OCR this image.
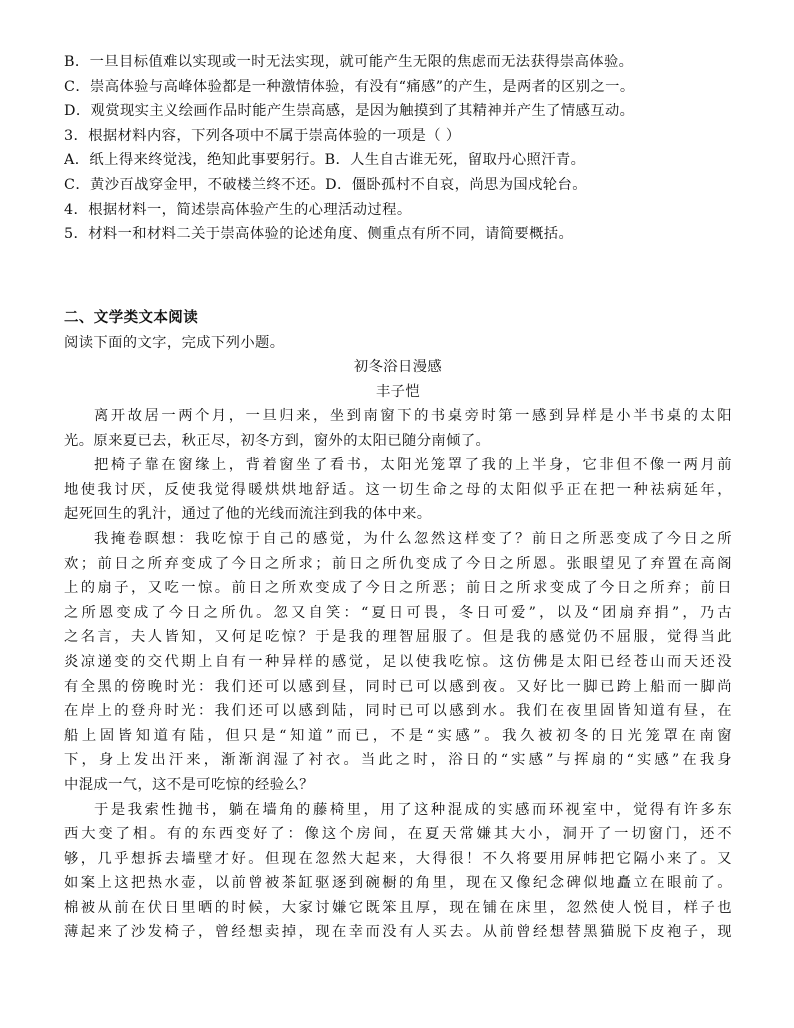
B．一旦目标值难以实现或一时无法实现，就可能产生无限的焦虑而无法获得崇高体验。
C．崇高体验与高峰体验都是一种激情体验，有没有“痛感”的产生，是两者的区别之一。
D．观赏现实主义绘画作品时能产生崇高感，是因为触摸到了其精神并产生了情感互动。
3．根据材料内容，下列各项中不属于崇高体验的一项是（ ）
A．纸上得来终觉浅，绝知此事要躬行。B．人生自古谁无死，留取丹心照汗青。
C．黄沙百战穿金甲，不破楼兰终不还。D．僵卧孤村不自哀，尚思为国戍轮台。
4．根据材料一，简述崇高体验产生的心理活动过程。
5．材料一和材料二关于崇高体验的论述角度、侧重点有所不同，请简要概括。
二、文学类文本阅读
阅读下面的文字，完成下列小题。
初冬浴日漫感
丰子恺
离开故居一两个月，一旦归来，坐到南窗下的书桌旁时第一感到异样是小半书桌的太阳
光。原来夏已去，秋正尽，初冬方到，窗外的太阳已随分南倾了。
把椅子靠在窗缘上，背着窗坐了看书，太阳光笼罩了我的上半身，它非但不像一两月前
地使我讨厌，反使我觉得暖烘烘地舒适。这一切生命之母的太阳似乎正在把一种祛病延年，
起死回生的乳汁，通过了他的光线而流注到我的体中来。
我掩卷瞑想：我吃惊于自己的感觉，为什么忽然这样变了？前日之所恶变成了今日之所
欢；前日之所弃变成了今日之所求；前日之所仇变成了今日之所恩。张眼望见了弃置在高阁
上的扇子，又吃一惊。前日之所欢变成了今日之所恶；前日之所求变成了今日之所弃；前日
之所恩变成了今日之所仇。忽又自笑：“夏日可畏，冬日可爱”，以及“团扇弃捐”，乃古
之名言，夫人皆知，又何足吃惊？于是我的理智屈服了。但是我的感觉仍不屈服，觉得当此
炎凉递变的交代期上自有一种异样的感觉，足以使我吃惊。这仿佛是太阳已经苍山而天还没
有全黑的傍晚时光：我们还可以感到昼，同时已可以感到夜。又好比一脚已跨上船而一脚尚
在岸上的登舟时光：我们还可以感到陆，同时已可以感到水。我们在夜里固皆知道有昼，在
船上固皆知道有陆，但只是“知道”而已，不是“实感”。我久被初冬的日光笼罩在南窗
下，身上发出汗来，渐渐润湿了衬衣。当此之时，浴日的“实感”与挥扇的“实感”在我身
中混成一气，这不是可吃惊的经验么？
于是我索性抛书，躺在墙角的藤椅里，用了这种混成的实感而环视室中，觉得有许多东
西大变了相。有的东西变好了：像这个房间，在夏天常嫌其大小，洞开了一切窗门，还不
够，几乎想拆去墙壁才好。但现在忽然大起来，大得很！不久将要用屏帏把它隔小来了。又
如案上这把热水壶，以前曾被茶缸驱逐到碗橱的角里，现在又像纪念碑似地矗立在眼前了。
棉被从前在伏日里晒的时候，大家讨嫌它既笨且厚，现在铺在床里，忽然使人悦目，样子也
薄起来了沙发椅子，曾经想卖掉，现在幸而没有人买去。从前曾经想替黑猫脱下皮袍子，现
